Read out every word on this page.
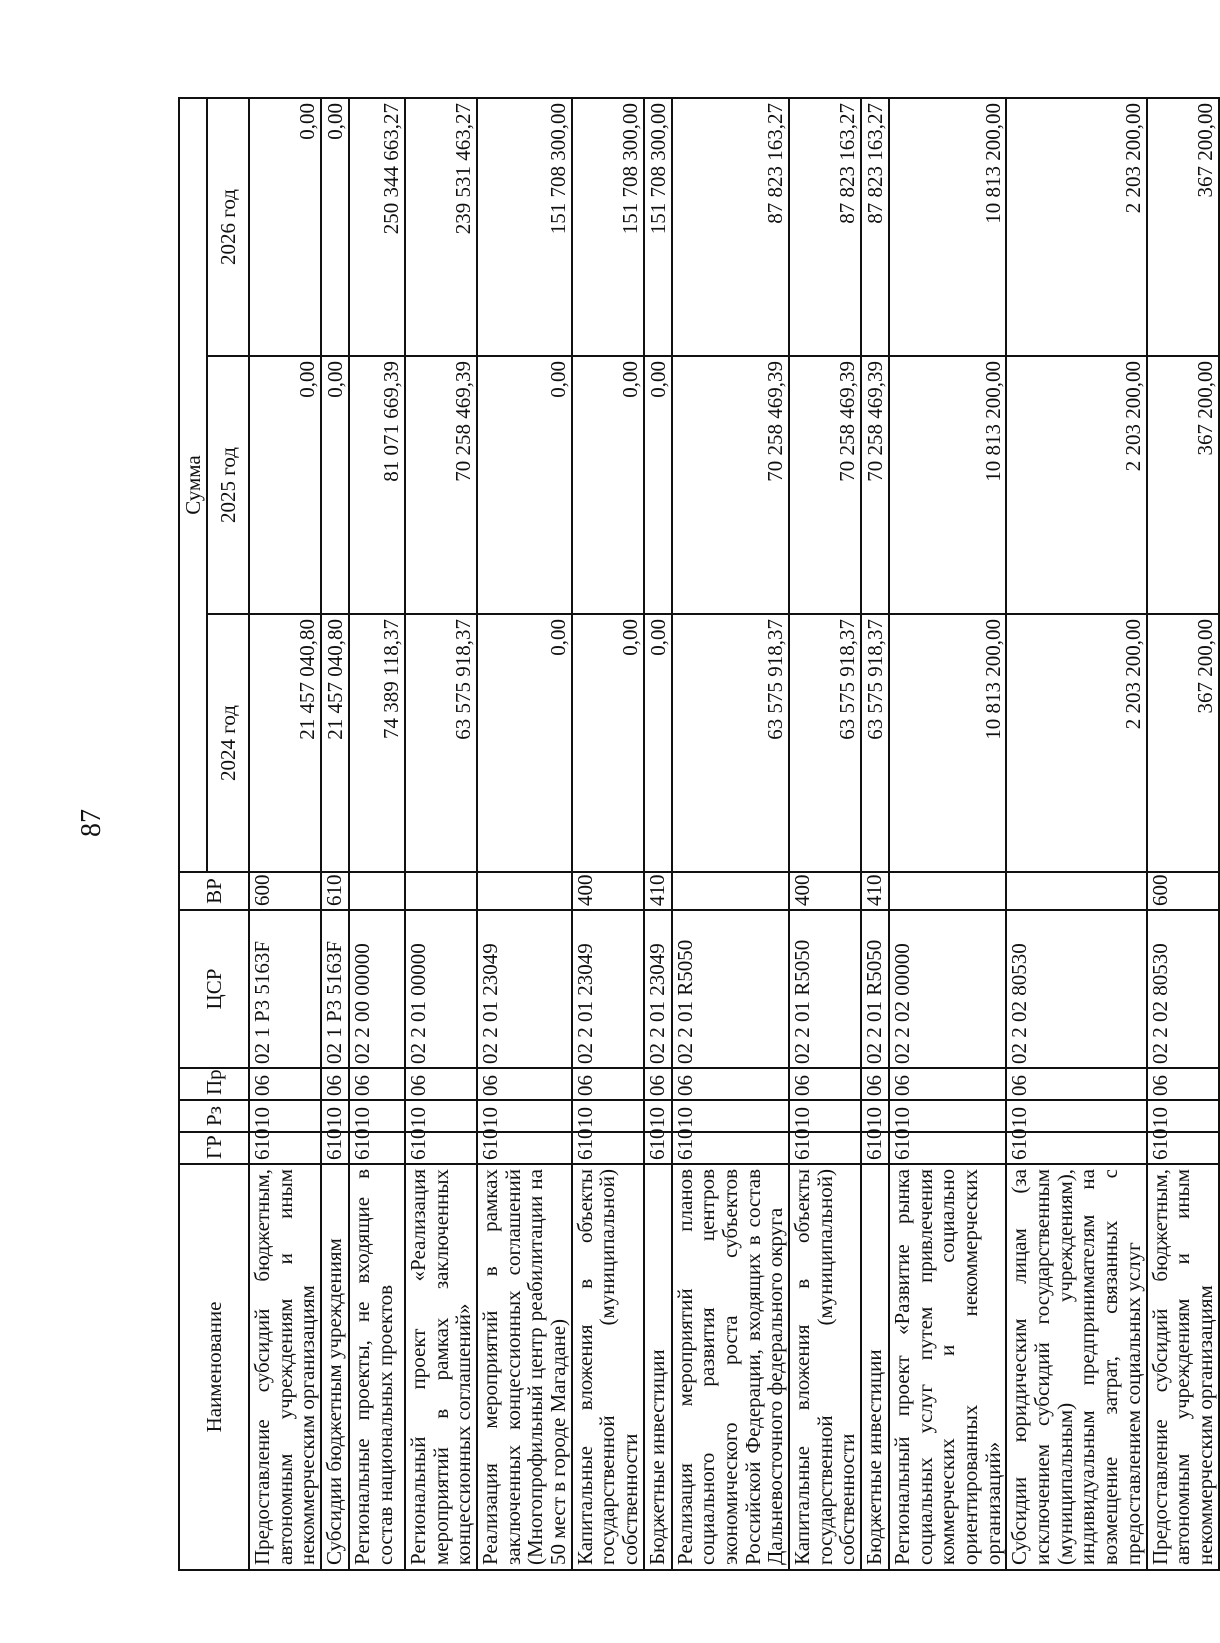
87
Наименование	ГР	Рз	Пр	ЦСР	ВР	Сумма		
						2024 год	2025 год	2026 год
Предоставление субсидий бюджетным, автономным учреждениям и иным некоммерческим организациям	610	10	06	02 1 Р3 5163F	600	21 457 040,80	0,00	0,00
Субсидии бюджетным учреждениям	610	10	06	02 1 Р3 5163F	610	21 457 040,80	0,00	0,00
Региональные проекты, не входящие в состав национальных проектов	610	10	06	02 2 00 00000		74 389 118,37	81 071 669,39	250 344 663,27
Региональный проект «Реализация мероприятий в рамках заключенных концессионных соглашений»	610	10	06	02 2 01 00000		63 575 918,37	70 258 469,39	239 531 463,27
Реализация мероприятий в рамках заключенных концессионных соглашений (Многопрофильный центр реабилитации на 50 мест в городе Магадане)	610	10	06	02 2 01 23049		0,00	0,00	151 708 300,00
Капитальные вложения в объекты государственной (муниципальной) собственности	610	10	06	02 2 01 23049	400	0,00	0,00	151 708 300,00
Бюджетные инвестиции	610	10	06	02 2 01 23049	410	0,00	0,00	151 708 300,00
Реализация мероприятий планов социального развития центров экономического роста субъектов Российской Федерации, входящих в состав Дальневосточного федерального округа	610	10	06	02 2 01 R5050		63 575 918,37	70 258 469,39	87 823 163,27
Капитальные вложения в объекты государственной (муниципальной) собственности	610	10	06	02 2 01 R5050	400	63 575 918,37	70 258 469,39	87 823 163,27
Бюджетные инвестиции	610	10	06	02 2 01 R5050	410	63 575 918,37	70 258 469,39	87 823 163,27
Региональный проект «Развитие рынка социальных услуг путем привлечения коммерческих и социально ориентированных некоммерческих организаций»	610	10	06	02 2 02 00000		10 813 200,00	10 813 200,00	10 813 200,00
Субсидии юридическим лицам (за исключением субсидий государственным (муниципальным) учреждениям), индивидуальным предпринимателям на возмещение затрат, связанных с предоставлением социальных услуг	610	10	06	02 2 02 80530		2 203 200,00	2 203 200,00	2 203 200,00
Предоставление субсидий бюджетным, автономным учреждениям и иным некоммерческим организациям	610	10	06	02 2 02 80530	600	367 200,00	367 200,00	367 200,00
